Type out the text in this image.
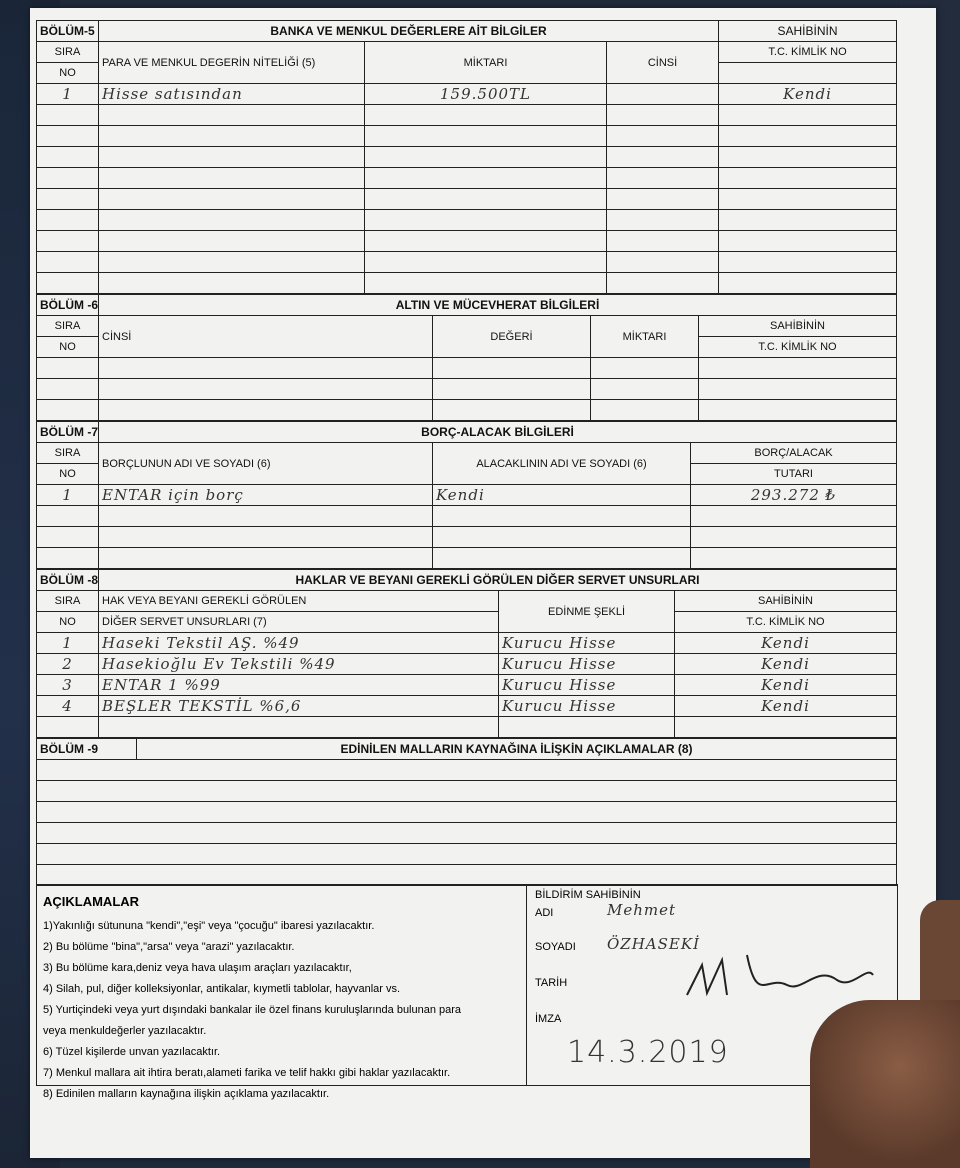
BÖLÜM-5	BANKA VE MENKUL DEĞERLERE AİT BİLGİLER			SAHİBİNİN
SIRA	PARA VE MENKUL DEGERİN NİTELİĞİ (5)	MİKTARI	CİNSİ	T.C. KİMLİK NO
NO				
1	Hisse satısından	159.500TL		Kendi

BÖLÜM -6	ALTIN VE MÜCEVHERAT BİLGİLERİ			
SIRA	CİNSİ	DEĞERİ	MİKTARI	SAHİBİNİN
NO				T.C. KİMLİK NO

BÖLÜM -7	BORÇ-ALACAK BİLGİLERİ		
SIRA	BORÇLUNUN ADI VE SOYADI (6)	ALACAKLININ ADI VE SOYADI (6)	BORÇ/ALACAK
NO			TUTARI
1	ENTAR için borç	Kendi	293.272 ₺

BÖLÜM -8	HAKLAR VE BEYANI GEREKLİ GÖRÜLEN DİĞER SERVET UNSURLARI		
SIRA	HAK VEYA BEYANI GEREKLİ GÖRÜLEN	EDİNME ŞEKLİ	SAHİBİNİN
NO	DİĞER SERVET UNSURLARI (7)		T.C. KİMLİK NO
1	Haseki Tekstil AŞ. %49	Kurucu Hisse	Kendi
2	Hasekioğlu Ev Tekstili %49	Kurucu Hisse	Kendi
3	ENTAR 1 %99	Kurucu Hisse	Kendi
4	BEŞLER TEKSTİL %6,6	Kurucu Hisse	Kendi

BÖLÜM -9	EDİNİLEN MALLARIN KAYNAĞINA İLİŞKİN AÇIKLAMALAR (8)

AÇIKLAMALAR
1)Yakınlığı sütununa "kendi","eşi" veya "çocuğu" ibaresi yazılacaktır.
2) Bu bölüme "bina","arsa" veya "arazi" yazılacaktır.
3) Bu bölüme kara,deniz veya hava ulaşım araçları yazılacaktır,
4) Silah, pul, diğer kolleksiyonlar, antikalar, kıymetli tablolar, hayvanlar vs.
5) Yurtiçindeki veya yurt dışındaki bankalar ile özel finans kuruluşlarında bulunan para
veya menkuldeğerler yazılacaktır.
6) Tüzel kişilerde unvan yazılacaktır.
7) Menkul mallara ait ihtira beratı,alameti farika ve telif hakkı gibi haklar yazılacaktır.
8) Edinilen malların kaynağına ilişkin açıklama yazılacaktır.
BİLDİRİM SAHİBİNİN
ADI	Mehmet
SOYADI ÖZHASEKİ
TARİH
İMZA
14.3.2019
